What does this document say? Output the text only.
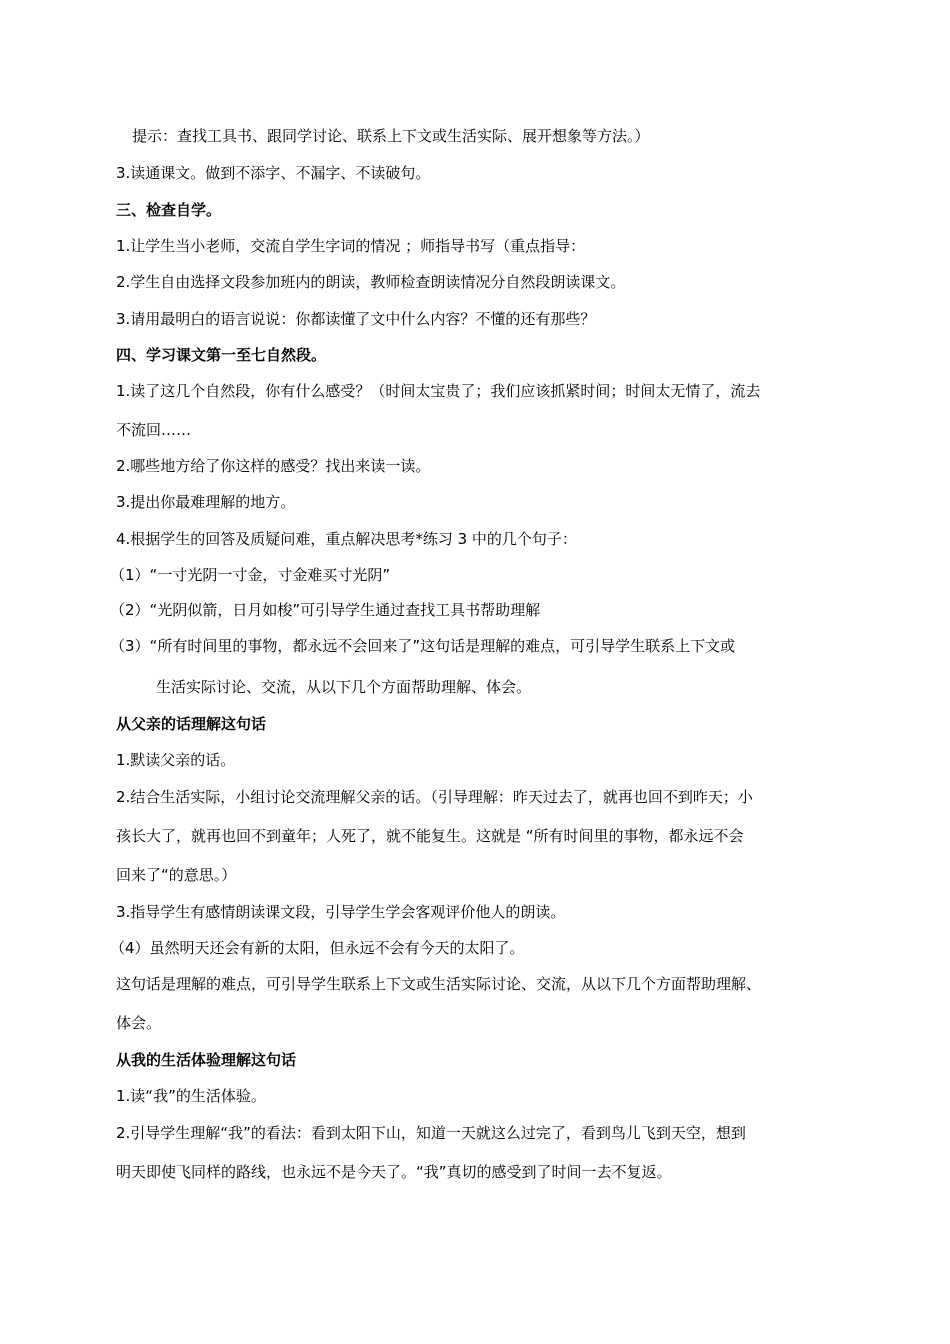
提示：查找工具书、跟同学讨论、联系上下文或生活实际、展开想象等方法。）
3.读通课文。做到不添字、不漏字、不读破句。
三、检查自学。
1.让学生当小老师，交流自学生字词的情况 ；师指导书写（重点指导：
2.学生自由选择文段参加班内的朗读，教师检查朗读情况分自然段朗读课文。
3.请用最明白的语言说说：你都读懂了文中什么内容？不懂的还有那些？
四、学习课文第一至七自然段。
1.读了这几个自然段，你有什么感受？（时间太宝贵了；我们应该抓紧时间；时间太无情了，流去
不流回……
2.哪些地方给了你这样的感受？找出来读一读。
3.提出你最难理解的地方。
4.根据学生的回答及质疑问难，重点解决思考*练习 3 中的几个句子：
（1）“一寸光阴一寸金，寸金难买寸光阴”
（2）“光阴似箭，日月如梭”可引导学生通过查找工具书帮助理解
（3）“所有时间里的事物，都永远不会回来了”这句话是理解的难点，可引导学生联系上下文或
生活实际讨论、交流，从以下几个方面帮助理解、体会。
从父亲的话理解这句话
1.默读父亲的话。
2.结合生活实际，小组讨论交流理解父亲的话。（引导理解：昨天过去了，就再也回不到昨天；小
孩长大了，就再也回不到童年；人死了，就不能复生。这就是 “所有时间里的事物，都永远不会
回来了“的意思。）
3.指导学生有感情朗读课文段，引导学生学会客观评价他人的朗读。
（4）虽然明天还会有新的太阳，但永远不会有今天的太阳了。
这句话是理解的难点，可引导学生联系上下文或生活实际讨论、交流，从以下几个方面帮助理解、
体会。
从我的生活体验理解这句话
1.读“我”的生活体验。
2.引导学生理解“我”的看法：看到太阳下山，知道一天就这么过完了，看到鸟儿飞到天空，想到
明天即使飞同样的路线，也永远不是今天了。“我”真切的感受到了时间一去不复返。
